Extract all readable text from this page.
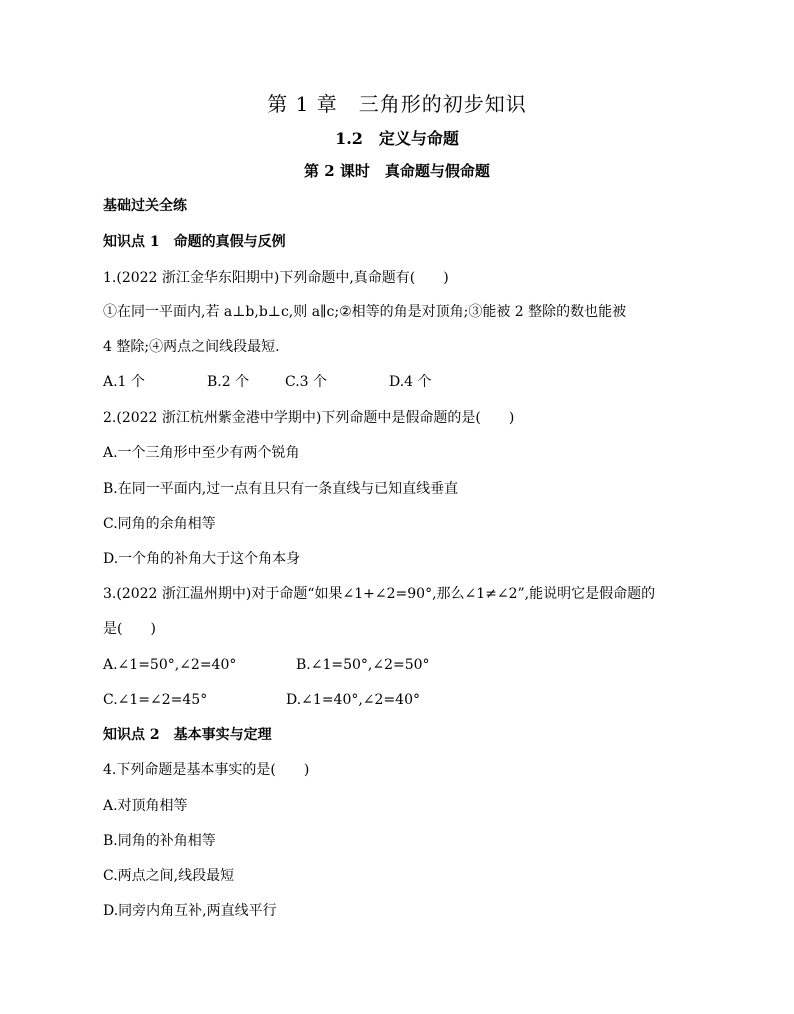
第 1 章　三角形的初步知识
1.2　定义与命题
第 2 课时　真命题与假命题
基础过关全练
知识点 1　命题的真假与反例
1.(2022 浙江金华东阳期中)下列命题中,真命题有(　　)
①在同一平面内,若 a⊥b,b⊥c,则 a∥c;②相等的角是对顶角;③能被 2 整除的数也能被
4 整除;④两点之间线段最短.
A.1 个	B.2 个	C.3 个	D.4 个
2.(2022 浙江杭州紫金港中学期中)下列命题中是假命题的是(　　)
A.一个三角形中至少有两个锐角
B.在同一平面内,过一点有且只有一条直线与已知直线垂直
C.同角的余角相等
D.一个角的补角大于这个角本身
3.(2022 浙江温州期中)对于命题“如果∠1+∠2=90°,那么∠1≠∠2”,能说明它是假命题的
是(　　)
A.∠1=50°,∠2=40°	B.∠1=50°,∠2=50°
C.∠1=∠2=45°	D.∠1=40°,∠2=40°
知识点 2　基本事实与定理
4.下列命题是基本事实的是(　　)
A.对顶角相等
B.同角的补角相等
C.两点之间,线段最短
D.同旁内角互补,两直线平行
